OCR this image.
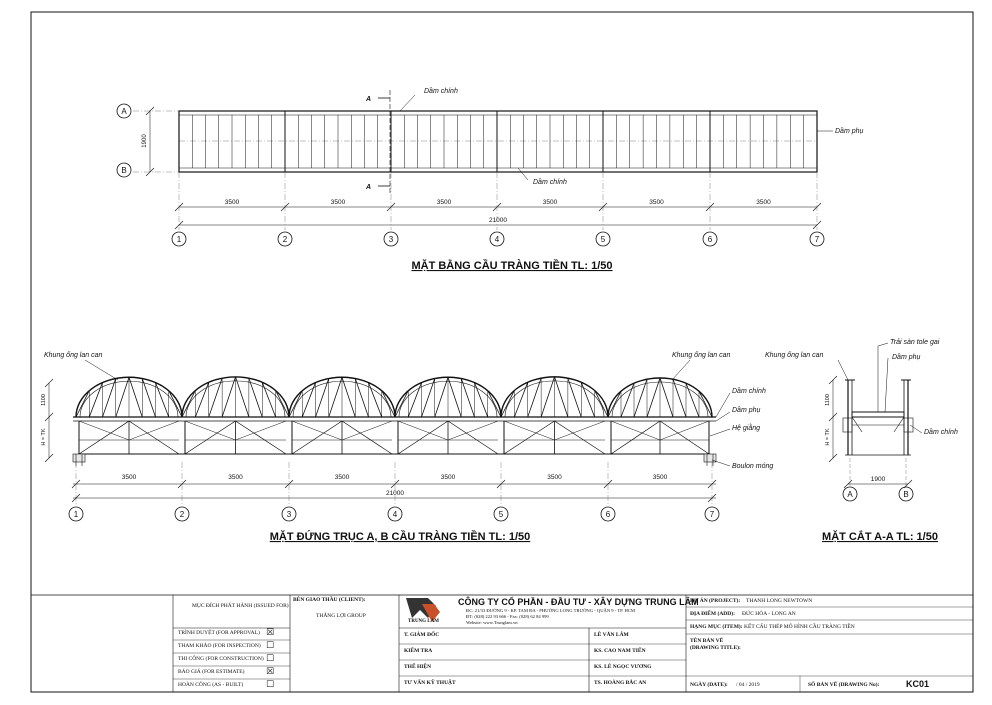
A
B
1900
A
A
Dầm chính
Dầm chính
Dầm phụ
3500	3500	3500	3500	3500	3500
21000
1	2	3	4	5	6	7
MẶT BẰNG CẦU TRÀNG TIỀN TL: 1/50
1100
H = TK
Khung ống lan can	Khung ống lan can
Dầm chính
Dầm phụ
Hệ giằng
Boulon móng
3500	3500	3500	3500	3500	3500
21000
1	2	3	4	5	6	7
MẶT ĐỨNG TRỤC A, B CẦU TRÀNG TIỀN TL: 1/50
1100
H = TK
1900
A	B
Khung ống lan can
Trải sàn tole gai
Dầm phụ
Dầm chính
MẶT CẮT A-A TL: 1/50
MỤC ĐÍCH PHÁT HÀNH (ISSUED FOR)
TRÌNH DUYỆT (FOR APPROVAL) ☒
THAM KHẢO (FOR INSPECTION) ☐
THI CÔNG (FOR CONSTRUCTION) ☐
BÁO GIÁ (FOR ESTIMATE) ☒
HOÀN CÔNG (AS - BUILT)	☐
BÊN GIAO THẦU (CLIENT):
THẮNG LỢI GROUP
TRUNG LAM
CÔNG TY CỔ PHẦN - ĐẦU TƯ - XÂY DỰNG TRUNG LÂM
ĐC: 21/33 ĐƯỜNG 9 - KP. TAM ĐA - PHƯỜNG LONG TRƯỜNG - QUẬN 9 - TP. HCM
ĐT: (028) 222 93 666 - Fax: (028) 62 84 999
Website: www.Trunglam.vn
T. GIÁM ĐỐC	LÊ VĂN LÂM
KIỂM TRA	KS. CAO NAM TIẾN
THỂ HIỆN	KS. LÊ NGỌC VƯƠNG
TƯ VẤN KỸ THUẬT	TS. HOÀNG BẮC AN
DỰ ÁN (PROJECT): THANH LONG NEWTOWN
ĐỊA ĐIỂM (ADD): ĐỨC HÒA - LONG AN
HẠNG MỤC (ITEM): KẾT CẤU THÉP MÔ HÌNH CẦU TRÀNG TIỀN
TÊN BẢN VẼ
(DRAWING TITLE):
NGÀY (DATE): / 04 / 2019	SỐ BẢN VẼ (DRAWING No):	KC01
